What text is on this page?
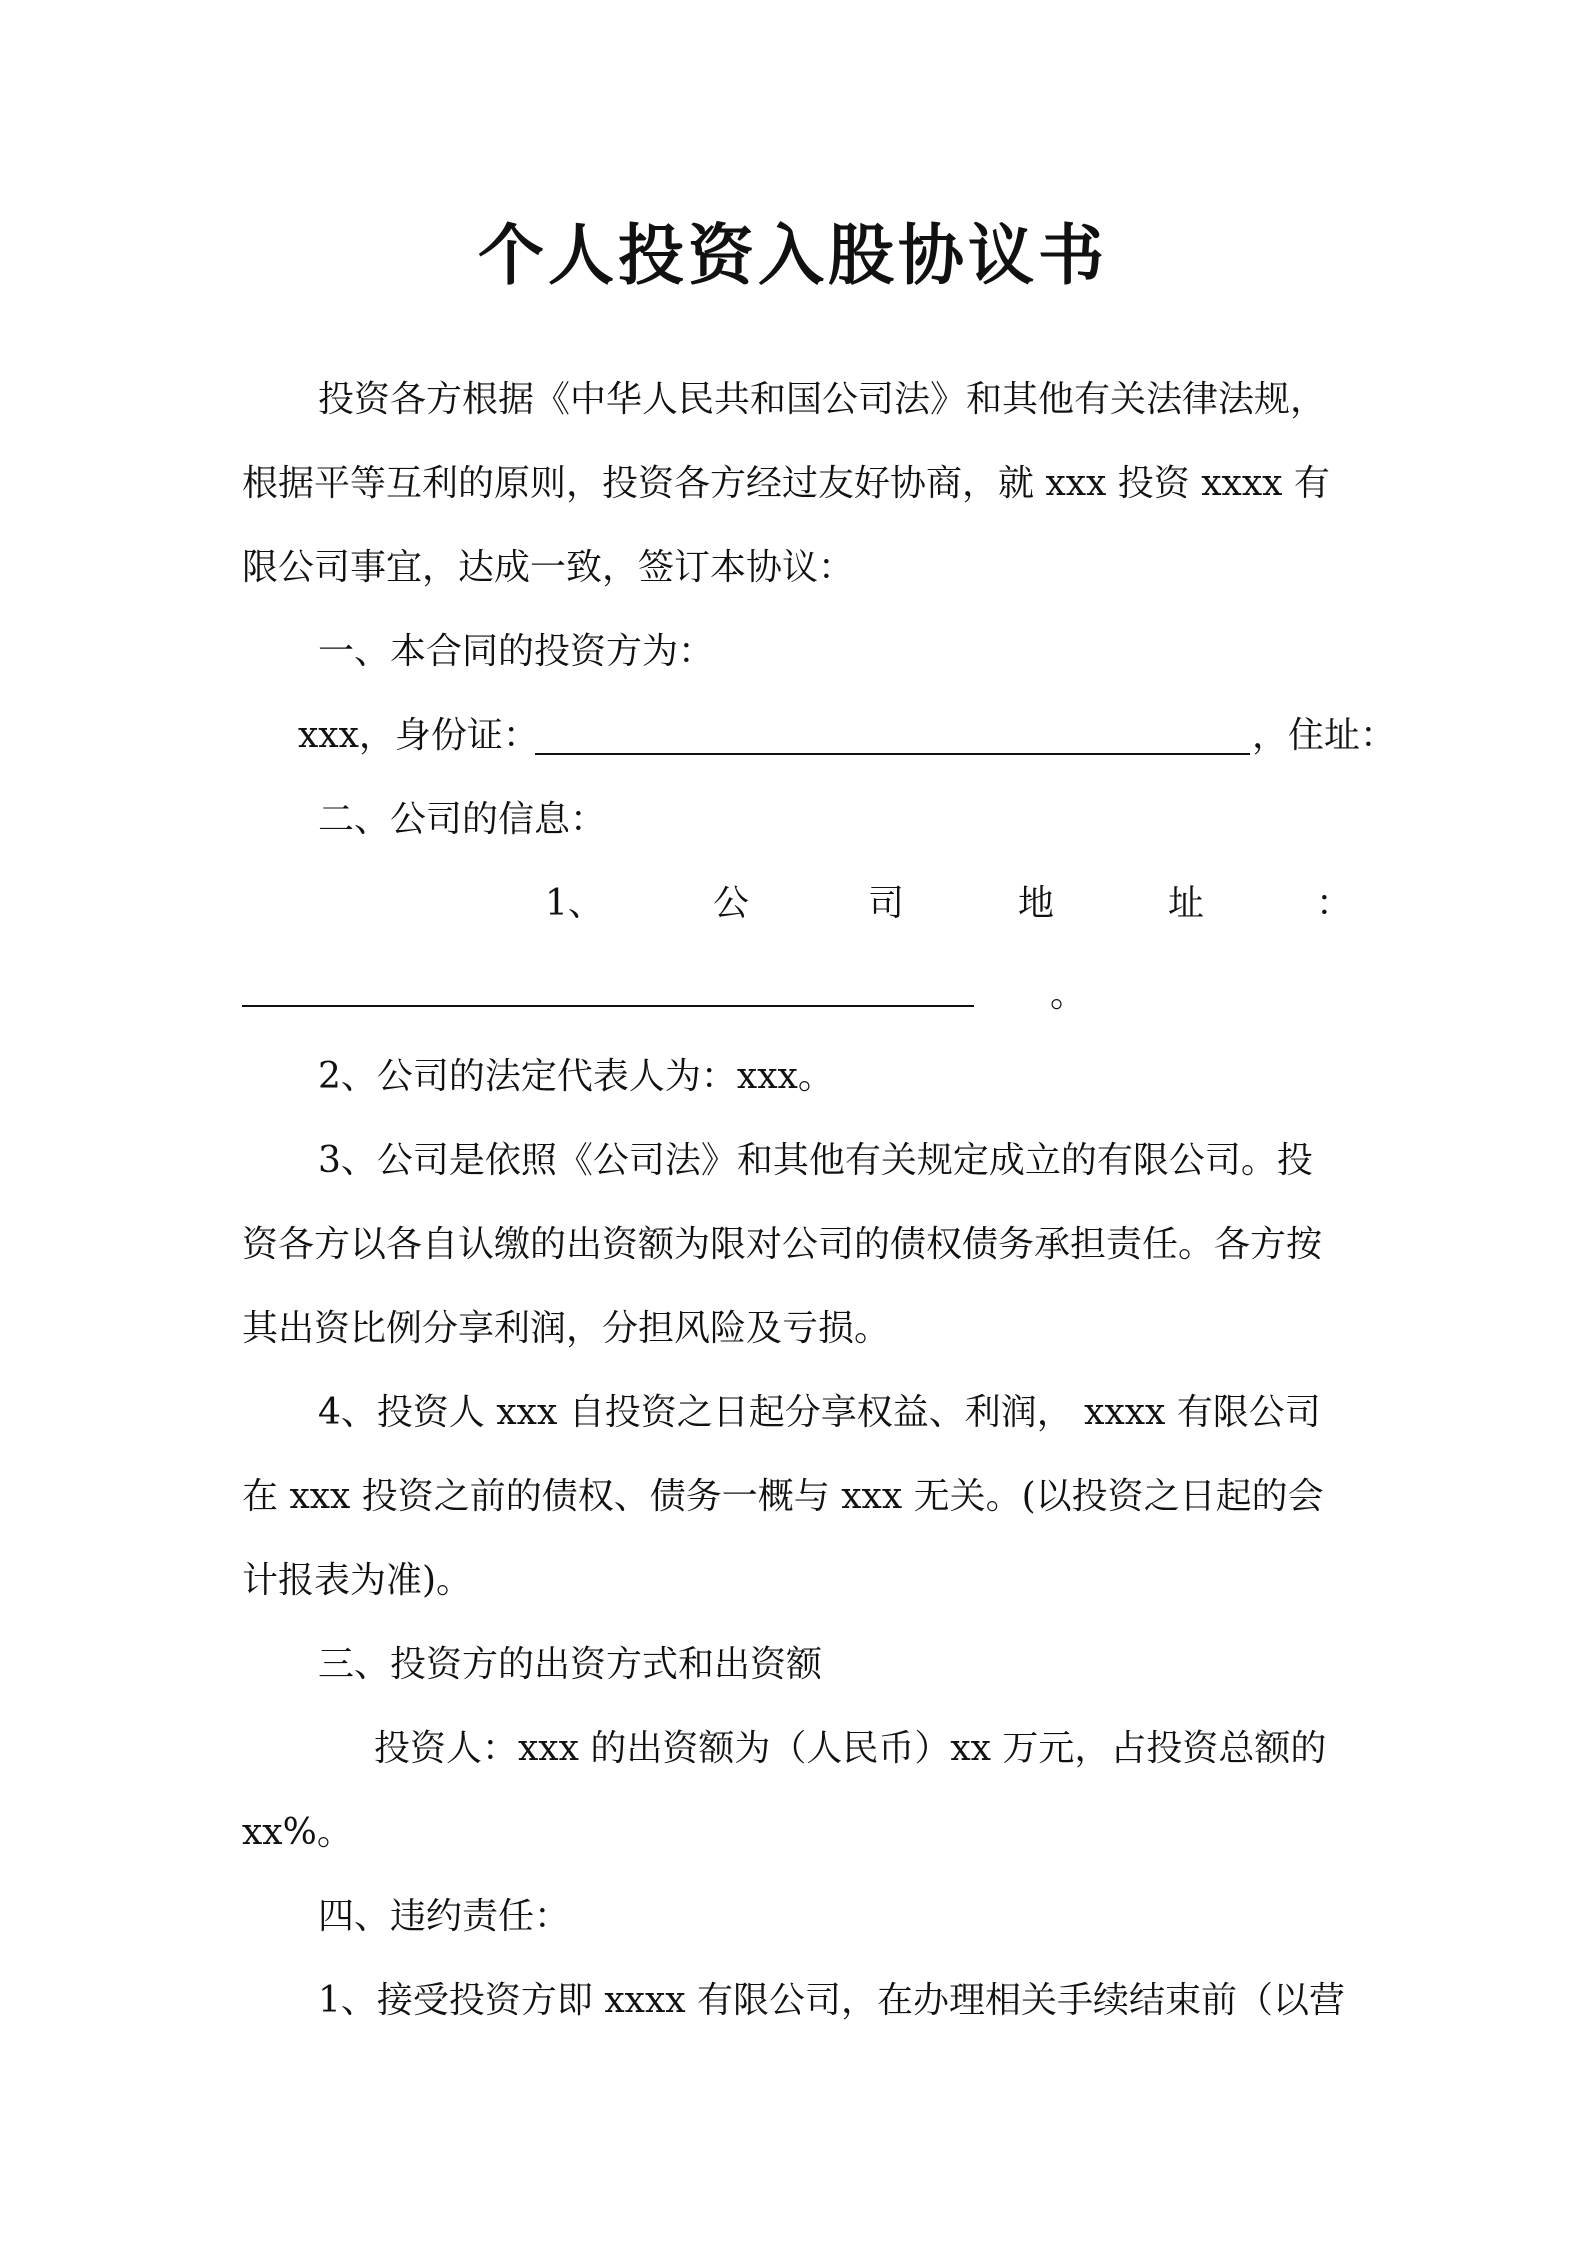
个人投资入股协议书
投资各方根据《中华人民共和国公司法》和其他有关法律法规，
根据平等互利的原则，投资各方经过友好协商，就 xxx 投资 xxxx 有
限公司事宜，达成一致，签订本协议：
一、本合同的投资方为：
xxx，身份证：	，住址：
二、公司的信息：
1、	公	司	地	址	：
。
2、公司的法定代表人为：xxx。
3、公司是依照《公司法》和其他有关规定成立的有限公司。投
资各方以各自认缴的出资额为限对公司的债权债务承担责任。各方按
其出资比例分享利润，分担风险及亏损。
4、投资人 xxx 自投资之日起分享权益、利润， xxxx 有限公司
在 xxx 投资之前的债权、债务一概与 xxx 无关。(以投资之日起的会
计报表为准)。
三、投资方的出资方式和出资额
投资人：xxx 的出资额为（人民币）xx 万元，占投资总额的
xx%。
四、违约责任：
1、接受投资方即 xxxx 有限公司，在办理相关手续结束前（以营
